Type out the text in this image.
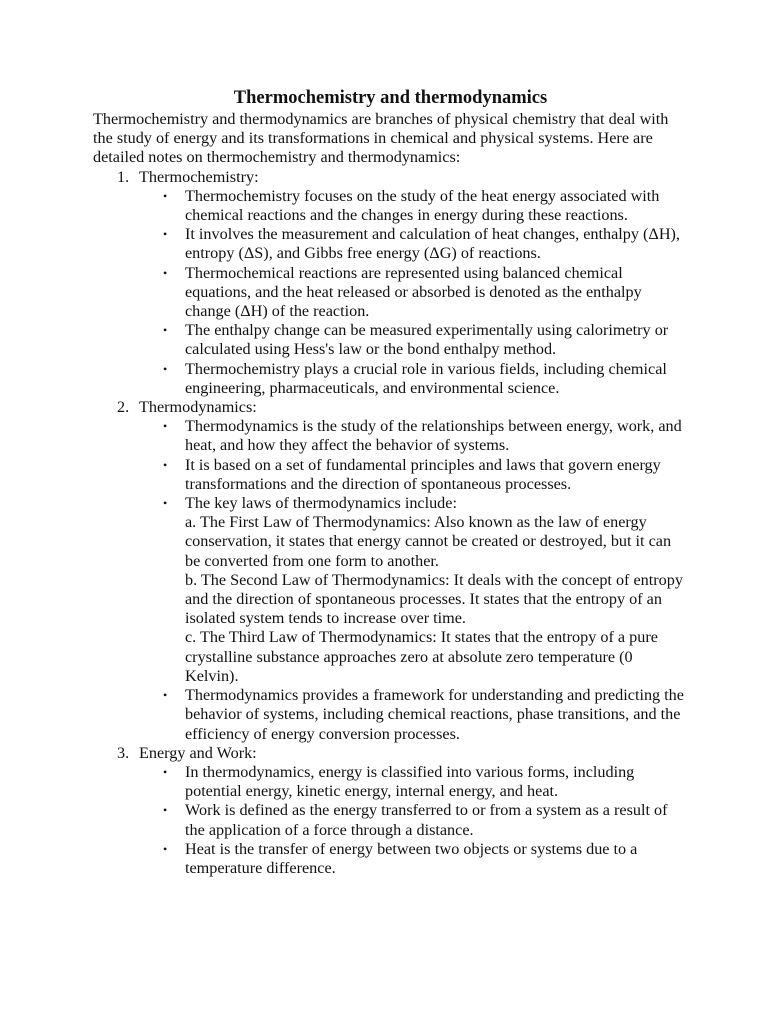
Thermochemistry and thermodynamics

Thermochemistry and thermodynamics are branches of physical chemistry that deal with the study of energy and its transformations in chemical and physical systems. Here are detailed notes on thermochemistry and thermodynamics:

1. Thermochemistry:
• Thermochemistry focuses on the study of the heat energy associated with chemical reactions and the changes in energy during these reactions.
• It involves the measurement and calculation of heat changes, enthalpy (ΔH), entropy (ΔS), and Gibbs free energy (ΔG) of reactions.
• Thermochemical reactions are represented using balanced chemical equations, and the heat released or absorbed is denoted as the enthalpy change (ΔH) of the reaction.
• The enthalpy change can be measured experimentally using calorimetry or calculated using Hess's law or the bond enthalpy method.
• Thermochemistry plays a crucial role in various fields, including chemical engineering, pharmaceuticals, and environmental science.
2. Thermodynamics:
• Thermodynamics is the study of the relationships between energy, work, and heat, and how they affect the behavior of systems.
• It is based on a set of fundamental principles and laws that govern energy transformations and the direction of spontaneous processes.
• The key laws of thermodynamics include:
a. The First Law of Thermodynamics: Also known as the law of energy conservation, it states that energy cannot be created or destroyed, but it can be converted from one form to another.
b. The Second Law of Thermodynamics: It deals with the concept of entropy and the direction of spontaneous processes. It states that the entropy of an isolated system tends to increase over time.
c. The Third Law of Thermodynamics: It states that the entropy of a pure crystalline substance approaches zero at absolute zero temperature (0 Kelvin).
• Thermodynamics provides a framework for understanding and predicting the behavior of systems, including chemical reactions, phase transitions, and the efficiency of energy conversion processes.
3. Energy and Work:
• In thermodynamics, energy is classified into various forms, including potential energy, kinetic energy, internal energy, and heat.
• Work is defined as the energy transferred to or from a system as a result of the application of a force through a distance.
• Heat is the transfer of energy between two objects or systems due to a temperature difference.
